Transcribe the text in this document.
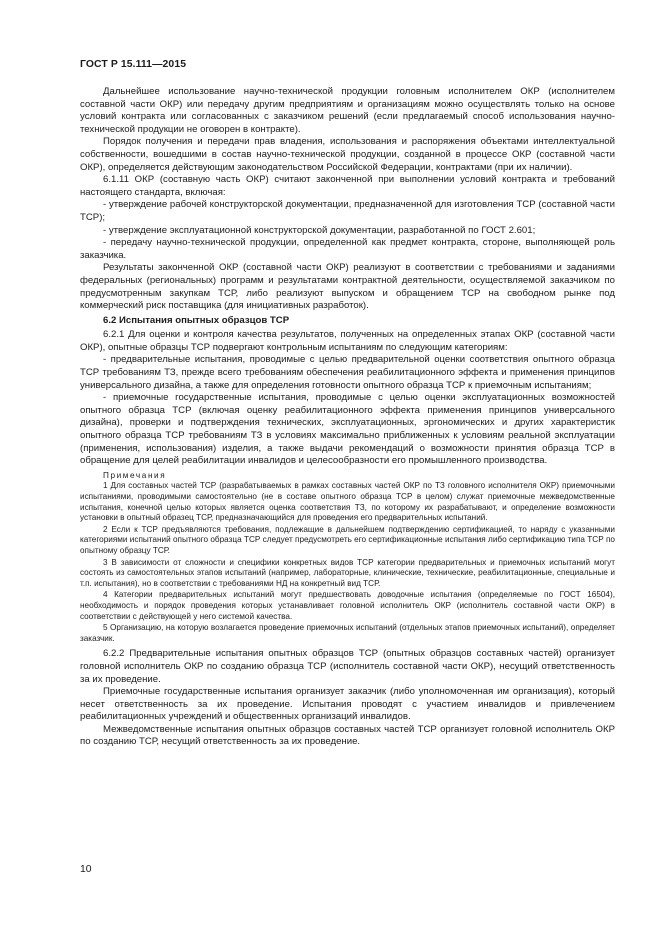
ГОСТ Р 15.111—2015

Дальнейшее использование научно-технической продукции головным исполнителем ОКР (исполнителем составной части ОКР) или передачу другим предприятиям и организациям можно осуществлять только на основе условий контракта или согласованных с заказчиком решений (если предлагаемый способ использования научно-технической продукции не оговорен в контракте).

Порядок получения и передачи прав владения, использования и распоряжения объектами интеллектуальной собственности, вошедшими в состав научно-технической продукции, созданной в процессе ОКР (составной части ОКР), определяется действующим законодательством Российской Федерации, контрактами (при их наличии).

6.1.11 ОКР (составную часть ОКР) считают законченной при выполнении условий контракта и требований настоящего стандарта, включая:

- утверждение рабочей конструкторской документации, предназначенной для изготовления ТСР (составной части ТСР);

- утверждение эксплуатационной конструкторской документации, разработанной по ГОСТ 2.601;

- передачу научно-технической продукции, определенной как предмет контракта, стороне, выполняющей роль заказчика.

Результаты законченной ОКР (составной части ОКР) реализуют в соответствии с требованиями и заданиями федеральных (региональных) программ и результатами контрактной деятельности, осуществляемой заказчиком по предусмотренным закупкам ТСР, либо реализуют выпуском и обращением ТСР на свободном рынке под коммерческий риск поставщика (для инициативных разработок).

6.2 Испытания опытных образцов ТСР

6.2.1 Для оценки и контроля качества результатов, полученных на определенных этапах ОКР (составной части ОКР), опытные образцы ТСР подвергают контрольным испытаниям по следующим категориям:

- предварительные испытания, проводимые с целью предварительной оценки соответствия опытного образца ТСР требованиям ТЗ, прежде всего требованиям обеспечения реабилитационного эффекта и применения принципов универсального дизайна, а также для определения готовности опытного образца ТСР к приемочным испытаниям;

- приемочные государственные испытания, проводимые с целью оценки эксплуатационных возможностей опытного образца ТСР (включая оценку реабилитационного эффекта применения принципов универсального дизайна), проверки и подтверждения технических, эксплуатационных, эргономических и других характеристик опытного образца ТСР требованиям ТЗ в условиях максимально приближенных к условиям реальной эксплуатации (применения, использования) изделия, а также выдачи рекомендаций о возможности принятия образца ТСР в обращение для целей реабилитации инвалидов и целесообразности его промышленного производства.

Примечания

1 Для составных частей ТСР (разрабатываемых в рамках составных частей ОКР по ТЗ головного исполнителя ОКР) приемочными испытаниями, проводимыми самостоятельно (не в составе опытного образца ТСР в целом) служат приемочные межведомственные испытания, конечной целью которых является оценка соответствия ТЗ, по которому их разрабатывают, и определение возможности установки в опытный образец ТСР, предназначающийся для проведения его предварительных испытаний.

2 Если к ТСР предъявляются требования, подлежащие в дальнейшем подтверждению сертификацией, то наряду с указанными категориями испытаний опытного образца ТСР следует предусмотреть его сертификационные испытания либо сертификацию типа ТСР по опытному образцу ТСР.

3 В зависимости от сложности и специфики конкретных видов ТСР категории предварительных и приемочных испытаний могут состоять из самостоятельных этапов испытаний (например, лабораторные, клинические, технические, реабилитационные, специальные и т.п. испытания), но в соответствии с требованиями НД на конкретный вид ТСР.

4 Категории предварительных испытаний могут предшествовать доводочные испытания (определяемые по ГОСТ 16504), необходимость и порядок проведения которых устанавливает головной исполнитель ОКР (исполнитель составной части ОКР) в соответствии с действующей у него системой качества.

5 Организацию, на которую возлагается проведение приемочных испытаний (отдельных этапов приемочных испытаний), определяет заказчик.

6.2.2 Предварительные испытания опытных образцов ТСР (опытных образцов составных частей) организует головной исполнитель ОКР по созданию образца ТСР (исполнитель составной части ОКР), несущий ответственность за их проведение.

Приемочные государственные испытания организует заказчик (либо уполномоченная им организация), который несет ответственность за их проведение. Испытания проводят с участием инвалидов и привлечением реабилитационных учреждений и общественных организаций инвалидов.

Межведомственные испытания опытных образцов составных частей ТСР организует головной исполнитель ОКР по созданию ТСР, несущий ответственность за их проведение.

10
